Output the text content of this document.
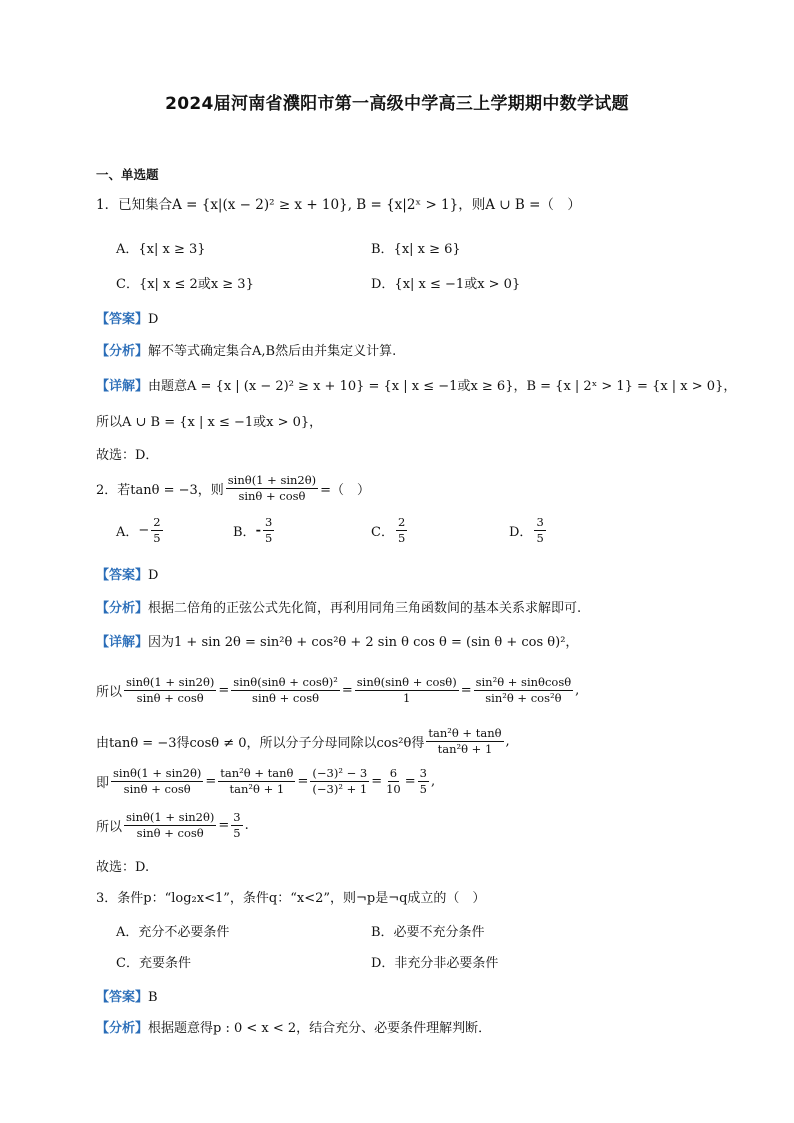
2024届河南省濮阳市第一高级中学高三上学期期中数学试题
一、单选题
1．已知集合A = {x|(x − 2)² ≥ x + 10}, B = {x|2ˣ > 1}，则A ∪ B =（　）
A．{x| x ≥ 3}	B．{x| x ≥ 6}
C．{x| x ≤ 2或x ≥ 3}	D．{x| x ≤ −1或x > 0}
【答案】D
【分析】解不等式确定集合A,B然后由并集定义计算.
【详解】由题意A = {x | (x − 2)² ≥ x + 10} = {x | x ≤ −1或x ≥ 6}，B = {x | 2ˣ > 1} = {x | x > 0}，
所以A ∪ B = {x | x ≤ −1或x > 0}，
故选：D．
2．若tanθ = −3，则 $\frac{\sin\theta(1 + \sin 2\theta)}{\sin\theta + \cos\theta}$ =（　）
A． − $\frac{2}{5}$	B． - $\frac{3}{5}$	C． $\frac{2}{5}$	D． $\frac{3}{5}$
【答案】D
【分析】根据二倍角的正弦公式先化简，再利用同角三角函数间的基本关系求解即可.
【详解】因为1 + sin 2θ = sin²θ + cos²θ + 2 sin θ cos θ = (sin θ + cos θ)²，
所以 $\frac{\sin\theta(1 + \sin 2\theta)}{\sin\theta + \cos\theta} = \frac{\text{sinθ(sinθ + cosθ)²}}{\sin\theta + \cos\theta} = \frac{\sin\theta(\sin\theta + \cos\theta)}{1} = \frac{\text{sin²θ + sinθcosθ}}{\text{sin²θ + cos²θ}}$ ,
由tanθ = −3得cosθ ≠ 0，所以分子分母同除以cos²θ得 $\frac{\text{tan²θ + tanθ}}{\text{tan²θ + 1}}$ ,
即 $\frac{\sin\theta(1 + \sin 2\theta)}{\sin\theta + \cos\theta} = \frac{\text{tan²θ + tanθ}}{\text{tan²θ + 1}} = \frac{\text{(−3)² − 3}}{\text{(−3)² + 1}} = \frac{6}{10} = \frac{3}{5}$ ,
所以 $\frac{\sin\theta(1 + \sin 2\theta)}{\sin\theta + \cos\theta} = \frac{3}{5}$ .
故选：D.
3．条件p：“log₂x<1”，条件q：“x<2”，则¬p是¬q成立的（　）
A．充分不必要条件	B．必要不充分条件
C．充要条件	D．非充分非必要条件
【答案】B
【分析】根据题意得p : 0 < x < 2，结合充分、必要条件理解判断．
